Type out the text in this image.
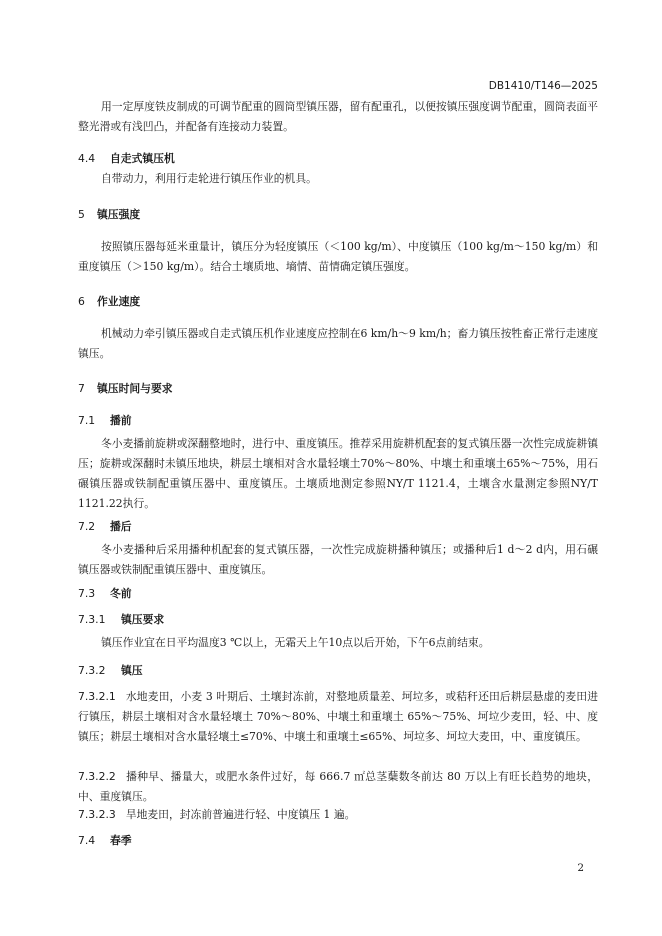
DB1410/T146—2025
用一定厚度铁皮制成的可调节配重的圆筒型镇压器，留有配重孔，以便按镇压强度调节配重，圆筒表面平整光滑或有浅凹凸，并配备有连接动力装置。
4.4 自走式镇压机
自带动力，利用行走轮进行镇压作业的机具。
5 镇压强度
按照镇压器每延米重量计，镇压分为轻度镇压（＜100 kg/m）、中度镇压（100 kg/m～150 kg/m）和重度镇压（＞150 kg/m）。结合土壤质地、墒情、苗情确定镇压强度。
6 作业速度
机械动力牵引镇压器或自走式镇压机作业速度应控制在6 km/h～9 km/h；畜力镇压按牲畜正常行走速度镇压。
7 镇压时间与要求
7.1 播前
冬小麦播前旋耕或深翻整地时，进行中、重度镇压。推荐采用旋耕机配套的复式镇压器一次性完成旋耕镇压；旋耕或深翻时未镇压地块，耕层土壤相对含水量轻壤土70%～80%、中壤土和重壤土65%～75%，用石碾镇压器或铁制配重镇压器中、重度镇压。土壤质地测定参照NY/T 1121.4，土壤含水量测定参照NY/T 1121.22执行。
7.2 播后
冬小麦播种后采用播种机配套的复式镇压器，一次性完成旋耕播种镇压；或播种后1 d～2 d内，用石碾镇压器或铁制配重镇压器中、重度镇压。
7.3 冬前
7.3.1 镇压要求
镇压作业宜在日平均温度3 ℃以上，无霜天上午10点以后开始，下午6点前结束。
7.3.2 镇压
7.3.2.1 水地麦田，小麦 3 叶期后、土壤封冻前，对整地质量差、坷垃多，或秸秆还田后耕层悬虚的麦田进行镇压，耕层土壤相对含水量轻壤土 70%～80%、中壤土和重壤土 65%～75%、坷垃少麦田，轻、中、度镇压；耕层土壤相对含水量轻壤土≤70%、中壤土和重壤土≤65%、坷垃多、坷垃大麦田，中、重度镇压。
7.3.2.2 播种早、播量大，或肥水条件过好，每 666.7 ㎡总茎蘖数冬前达 80 万以上有旺长趋势的地块，中、重度镇压。
7.3.2.3 旱地麦田，封冻前普遍进行轻、中度镇压 1 遍。
7.4 春季
2
